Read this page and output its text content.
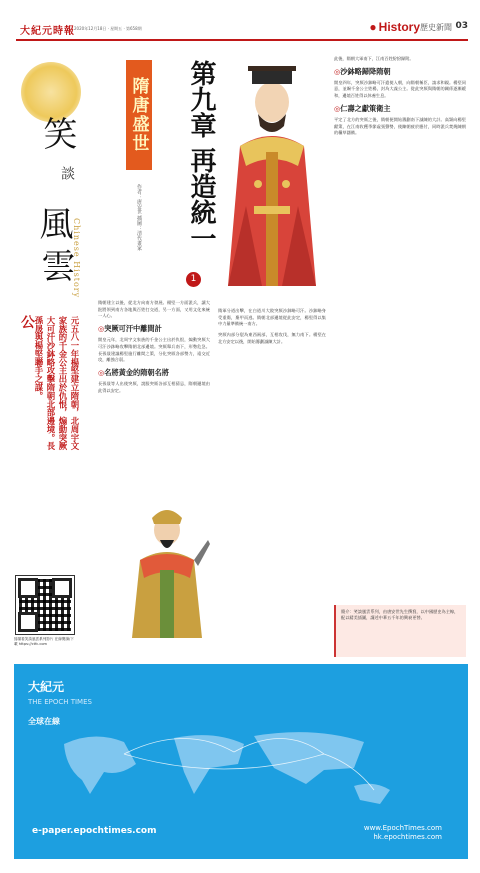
大紀元時報 2020年12月18日 · 星期五 · 第658期	● History 歷史新聞 03
笑
談
風
雲
Chinese History
公	元五八一年楊堅建立隋朝，北周宇文家族的千金公主出於仇恨，煽動突厥大可汗沙鉢略攻擊隋朝北部邊境。長孫晟與楊堅聯手之謀。
掃描看笑談風雲系列影片 在線閱讀/下載 https://ctfc.com
隋唐盛世	第九章 再造統一
作者：唐安世 插圖：清代畫家
1
隋朝建立以後，從北方向南方發展。楊堅一方面派兵，讓大批將領到南方各地與百姓打交道，另一方面，又用文化來統一人心。
◎突厥可汗中離間計
開皇元年，北周宇文家族的千金公主出於仇恨，煽動突厥大可汗沙鉢略攻擊隋朝北部邊境。突厥舉兵南下，形勢危急。長孫晟建議楊堅施行離間之策，分化突厥各部勢力，遠交近攻，離強合弱。
◎名將黃金的隋朝名將
長孫晟等人出使突厥，說服突厥各部互相猜忌，隋朝邊境由此得以安定。
隋軍分道出擊，在白道川大敗突厥沙鉢略可汗。沙鉢略身受重傷，棄甲而逃。隋朝北部邊境從此安定，楊堅得以集中力量準備統一南方。
突厥內部分裂為東西兩部，互相攻伐，無力南下。楊堅在北方安定以後，開始籌劃滅陳大計。
此後，隋朝大軍南下，江南百姓紛紛歸附。
◎沙鉢略歸降隋朝
開皇四年，突厥沙鉢略可汗遣使入朝，向隋朝稱臣，請求和親。楊堅同意，並賜千金公主姓楊，封為大義公主。從此突厥與隋朝的關係逐漸緩和，邊境百姓得以休養生息。
◎仁壽之獻策衛主
平定了北方的突厥之後，隋朝便開始籌劃南下滅陳的大計。高熲向楊堅獻策，在江南收穫季節虛張聲勢，使陳朝疲於應付，同時派兵焚燒陳朝的糧草儲備。
簡介：笑談風雲系列，由唐安世先生撰寫，以中國歷史為主線，配以精美插圖，講述中華五千年的興衰更替。
大紀元
THE EPOCH TIMES
全球在線
e-paper.epochtimes.com	www.EpochTimes.com
hk.epochtimes.com
